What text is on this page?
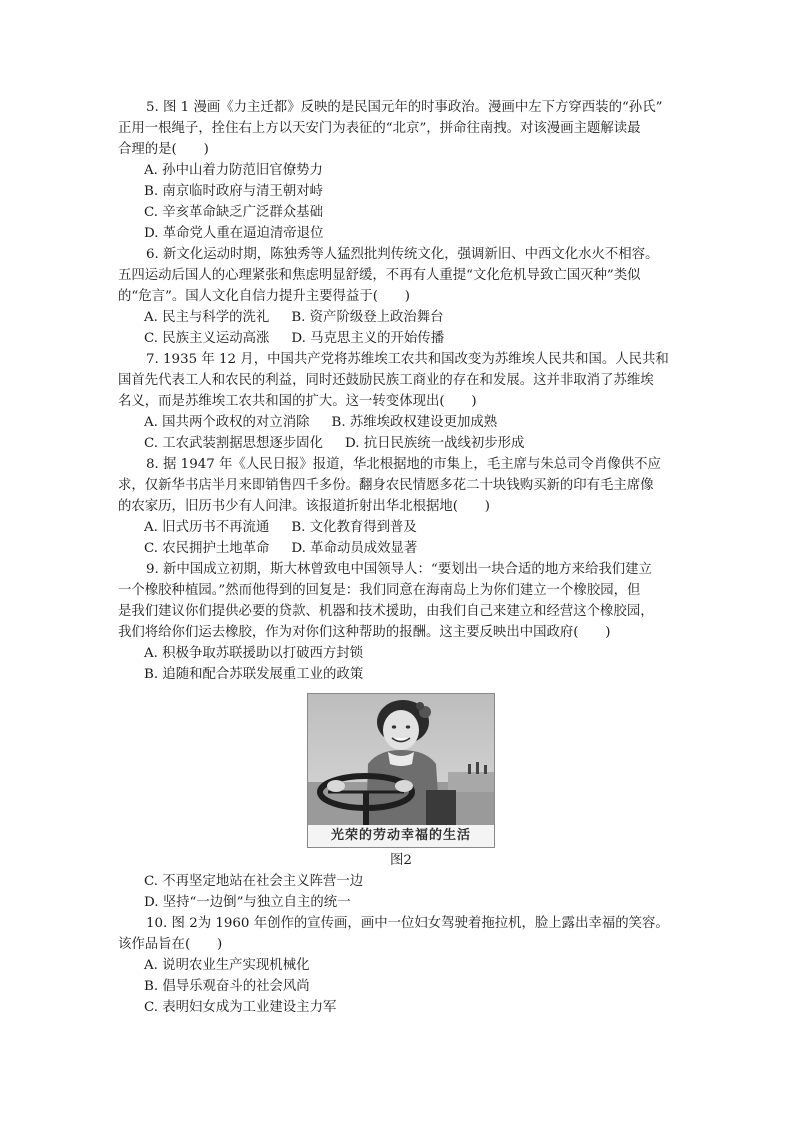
5. 图 1 漫画《力主迁都》反映的是民国元年的时事政治。漫画中左下方穿西装的“孙氏”
正用一根绳子，拴住右上方以天安门为表征的“北京”，拼命往南拽。对该漫画主题解读最
合理的是(　　)
A. 孙中山着力防范旧官僚势力
B. 南京临时政府与清王朝对峙
C. 辛亥革命缺乏广泛群众基础
D. 革命党人重在逼迫清帝退位
6. 新文化运动时期，陈独秀等人猛烈批判传统文化，强调新旧、中西文化水火不相容。
五四运动后国人的心理紧张和焦虑明显舒缓，不再有人重提“文化危机导致亡国灭种”类似
的“危言”。国人文化自信力提升主要得益于(　　)
A. 民主与科学的洗礼 B. 资产阶级登上政治舞台
C. 民族主义运动高涨 D. 马克思主义的开始传播
7. 1935 年 12 月，中国共产党将苏维埃工农共和国改变为苏维埃人民共和国。人民共和
国首先代表工人和农民的利益，同时还鼓励民族工商业的存在和发展。这并非取消了苏维埃
名义，而是苏维埃工农共和国的扩大。这一转变体现出(　　)
A. 国共两个政权的对立消除 B. 苏维埃政权建设更加成熟
C. 工农武装割据思想逐步固化 D. 抗日民族统一战线初步形成
8. 据 1947 年《人民日报》报道，华北根据地的市集上，毛主席与朱总司令肖像供不应
求，仅新华书店半月来即销售四千多份。翻身农民情愿多花二十块钱购买新的印有毛主席像
的农家历，旧历书少有人问津。该报道折射出华北根据地(　　)
A. 旧式历书不再流通 B. 文化教育得到普及
C. 农民拥护土地革命 D. 革命动员成效显著
9. 新中国成立初期，斯大林曾致电中国领导人：“要划出一块合适的地方来给我们建立
一个橡胶种植园。”然而他得到的回复是：我们同意在海南岛上为你们建立一个橡胶园，但
是我们建议你们提供必要的贷款、机器和技术援助，由我们自己来建立和经营这个橡胶园，
我们将给你们运去橡胶，作为对你们这种帮助的报酬。这主要反映出中国政府(　　)
A. 积极争取苏联援助以打破西方封锁
B. 追随和配合苏联发展重工业的政策
光荣的劳动幸福的生活
图2
C. 不再坚定地站在社会主义阵营一边
D. 坚持“一边倒”与独立自主的统一
10. 图 2为 1960 年创作的宣传画，画中一位妇女驾驶着拖拉机，脸上露出幸福的笑容。
该作品旨在(　　)
A. 说明农业生产实现机械化
B. 倡导乐观奋斗的社会风尚
C. 表明妇女成为工业建设主力军
